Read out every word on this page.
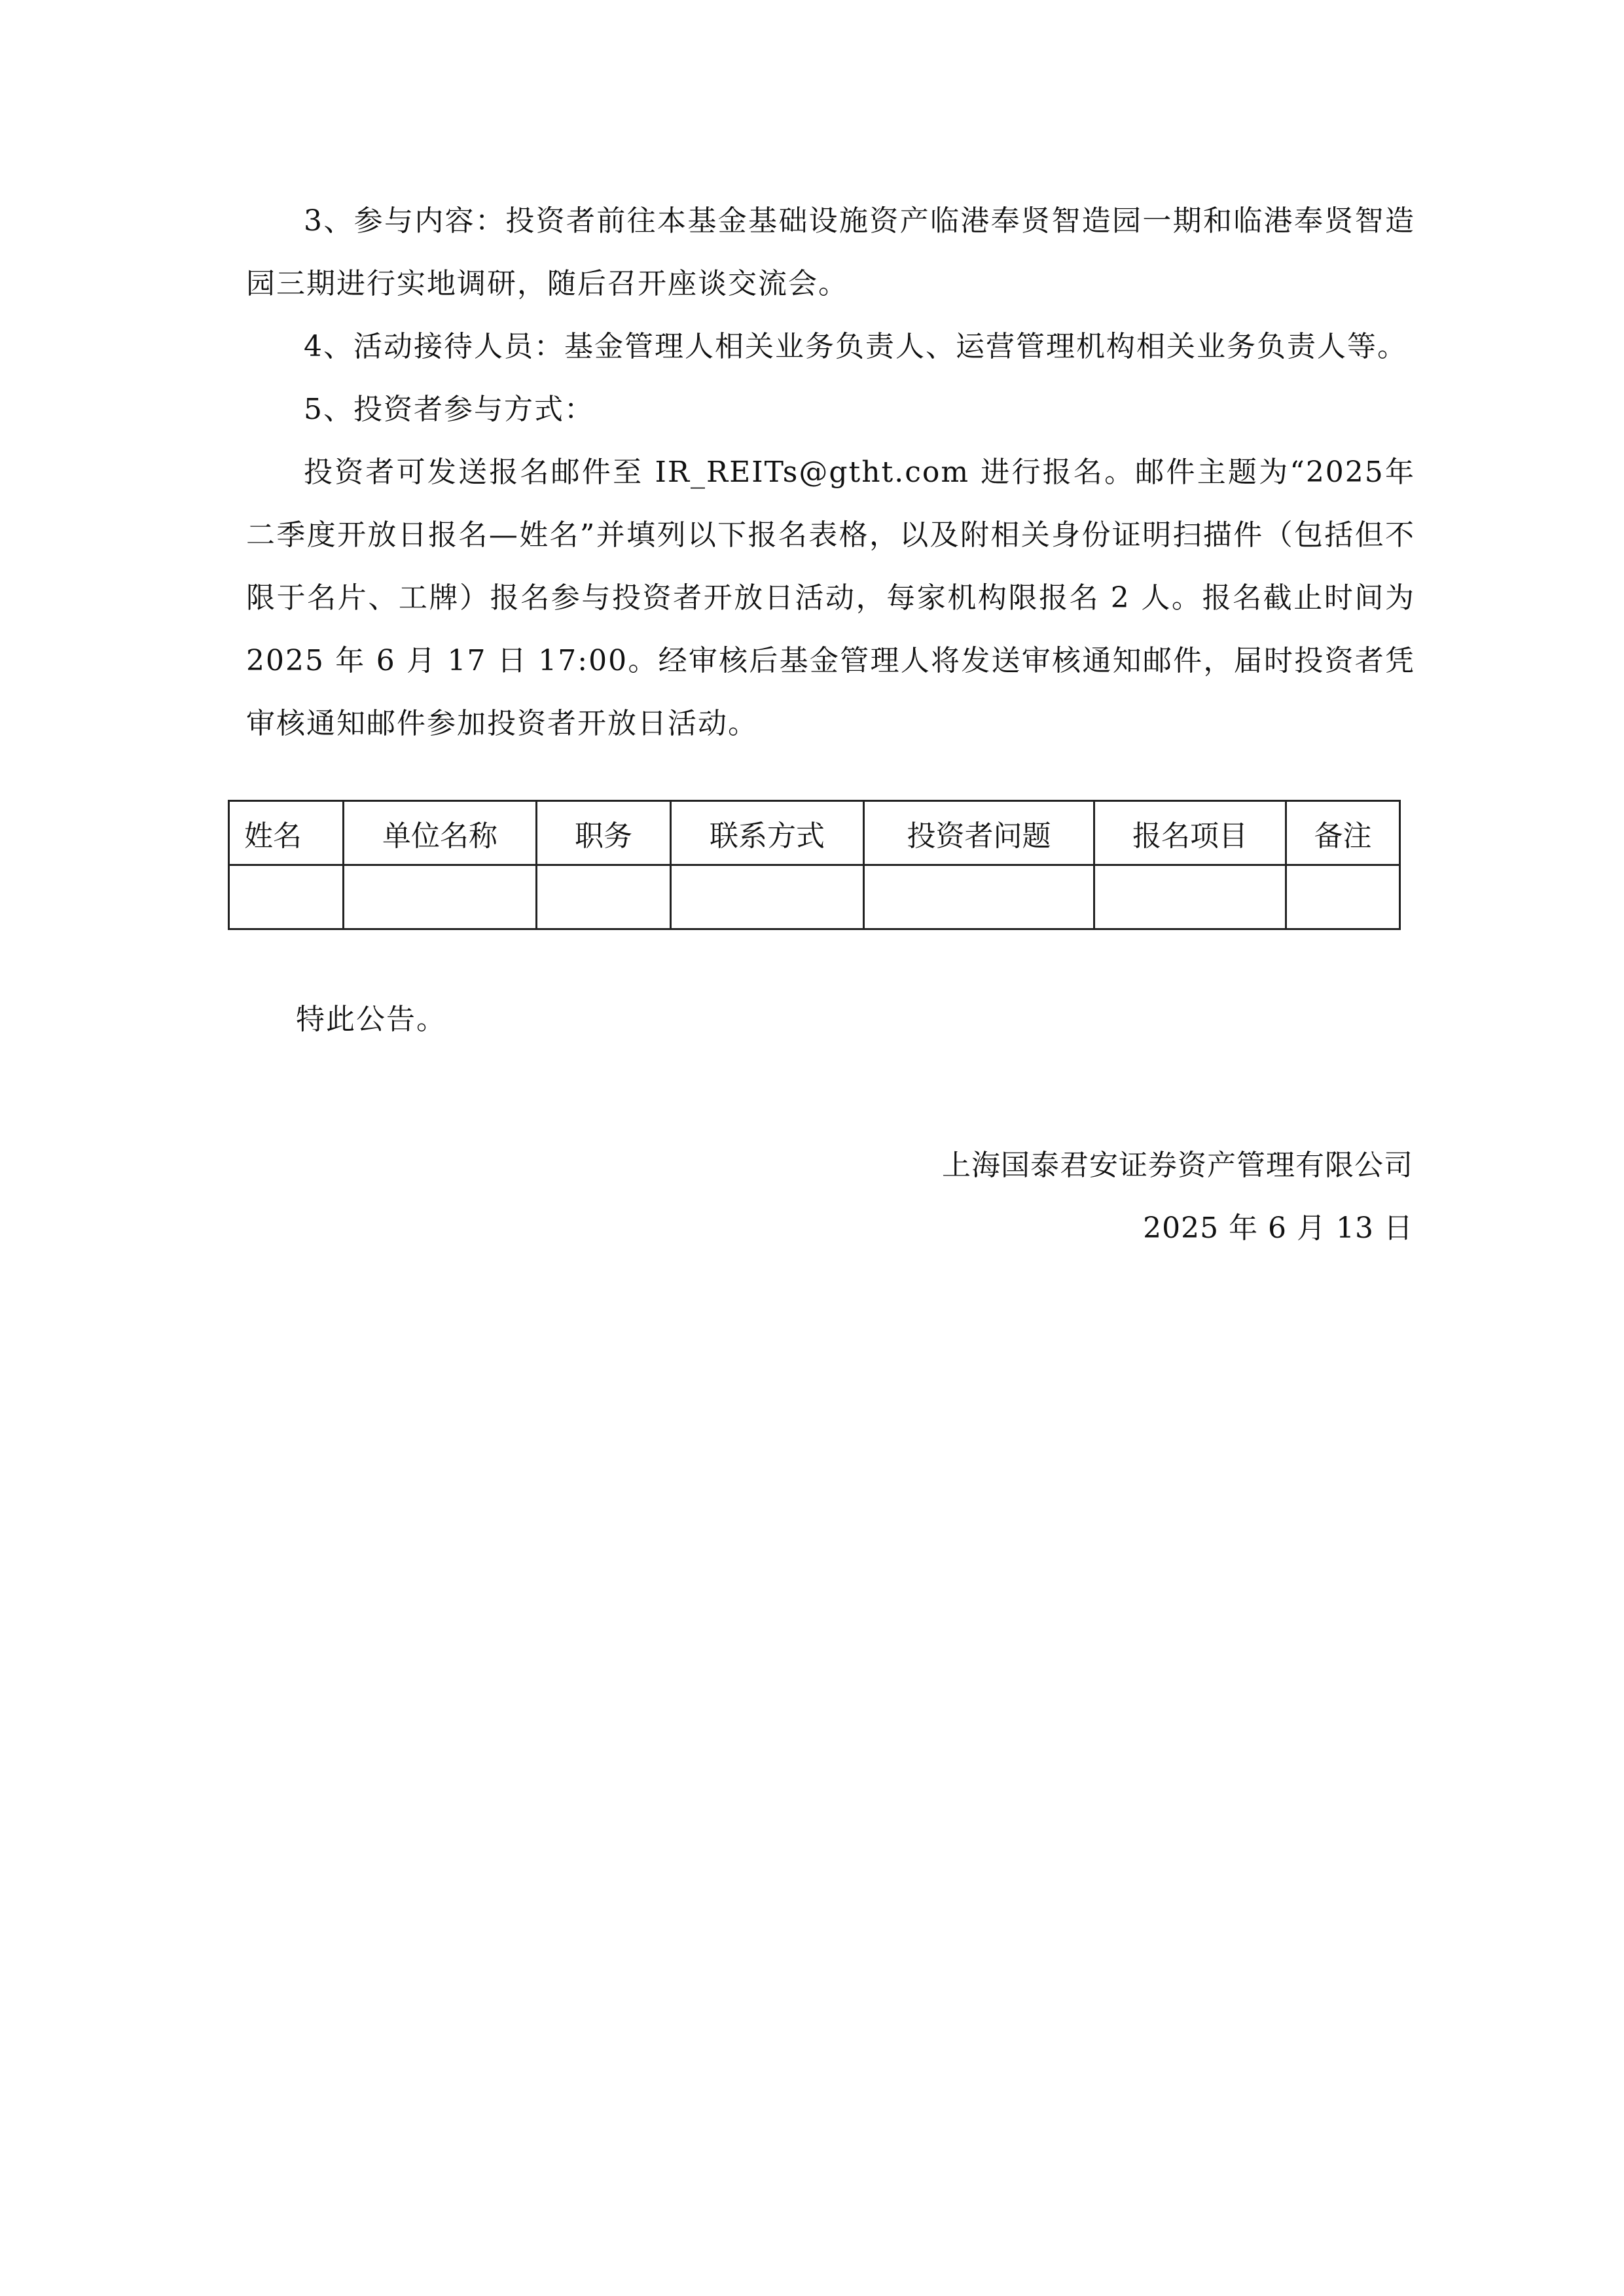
3、参与内容：投资者前往本基金基础设施资产临港奉贤智造园一期和临港奉贤智造园三期进行实地调研，随后召开座谈交流会。

4、活动接待人员：基金管理人相关业务负责人、运营管理机构相关业务负责人等。

5、投资者参与方式：

投资者可发送报名邮件至 IR_REITs@gtht.com 进行报名。邮件主题为“2025年二季度开放日报名—姓名”并填列以下报名表格，以及附相关身份证明扫描件（包括但不限于名片、工牌）报名参与投资者开放日活动，每家机构限报名 2 人。报名截止时间为 2025 年 6 月 17 日 17:00。经审核后基金管理人将发送审核通知邮件，届时投资者凭审核通知邮件参加投资者开放日活动。

姓名	单位名称	职务	联系方式	投资者问题	报名项目	备注

特此公告。
上海国泰君安证券资产管理有限公司
2025 年 6 月 13 日
